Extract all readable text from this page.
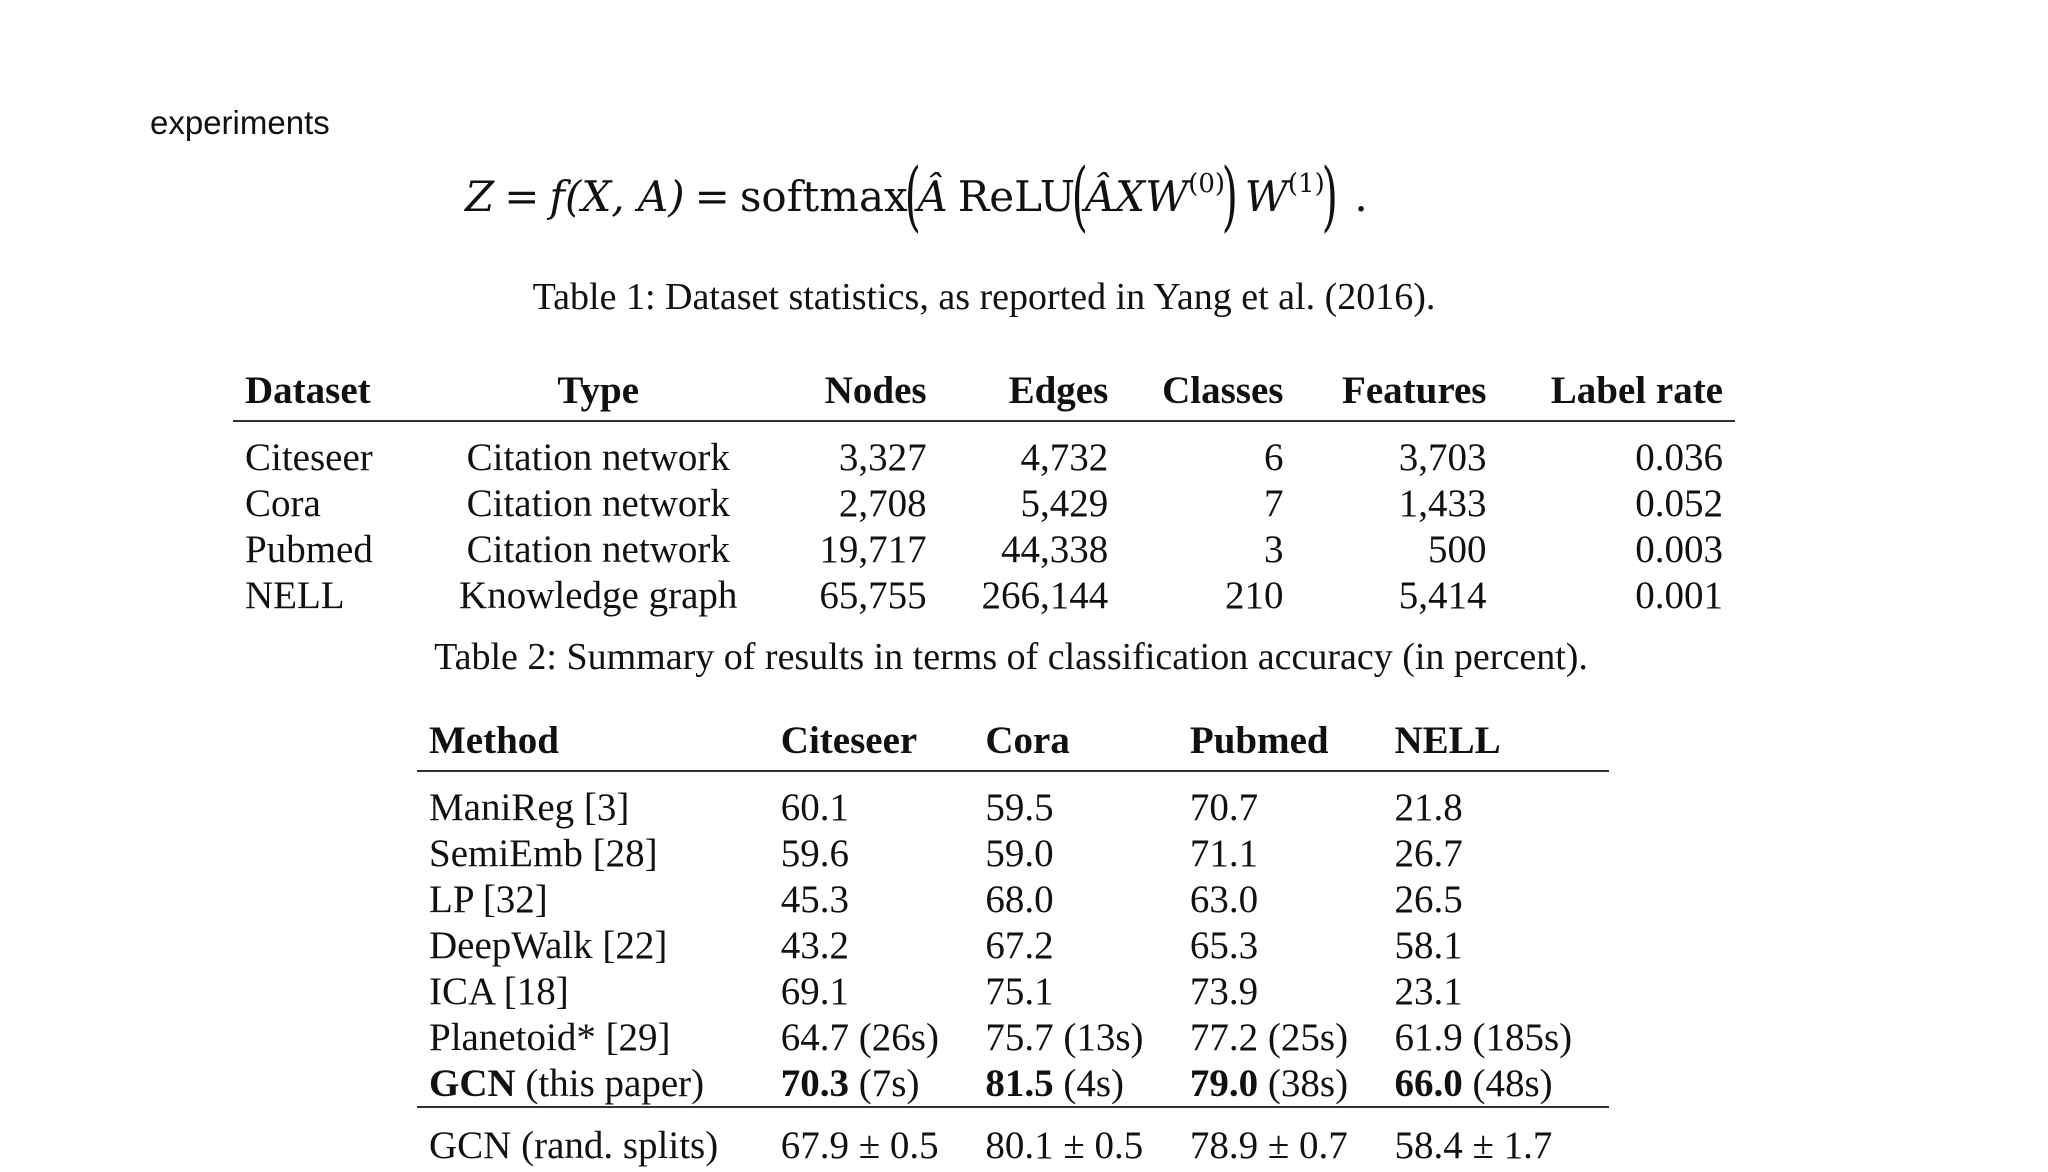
experiments
Z = f (X, A) = softmax
(
Â ReLU
(
Â X $W^{(0)}$
) $W^{(1)}$
) .
Table 1: Dataset statistics, as reported in Yang et al. (2016).
Dataset	Type	Nodes	Edges	Classes	Features	Label rate
Citeseer	Citation network	3,327	4,732	6	3,703	0.036
Cora	Citation network	2,708	5,429	7	1,433	0.052
Pubmed	Citation network	19,717	44,338	3	500	0.003
NELL	Knowledge graph	65,755	266,144	210	5,414	0.001
Table 2: Summary of results in terms of classification accuracy (in percent).
Method	Citeseer	Cora	Pubmed	NELL
ManiReg [3]	60.1	59.5	70.7	21.8
SemiEmb [28]	59.6	59.0	71.1	26.7
LP [32]	45.3	68.0	63.0	26.5
DeepWalk [22]	43.2	67.2	65.3	58.1
ICA [18]	69.1	75.1	73.9	23.1
Planetoid* [29]	64.7 (26s)	75.7 (13s)	77.2 (25s)	61.9 (185s)
GCN (this paper)	70.3 (7s)	81.5 (4s)	79.0 (38s)	66.0 (48s)
GCN (rand. splits)	67.9 ± 0.5	80.1 ± 0.5	78.9 ± 0.7	58.4 ± 1.7
